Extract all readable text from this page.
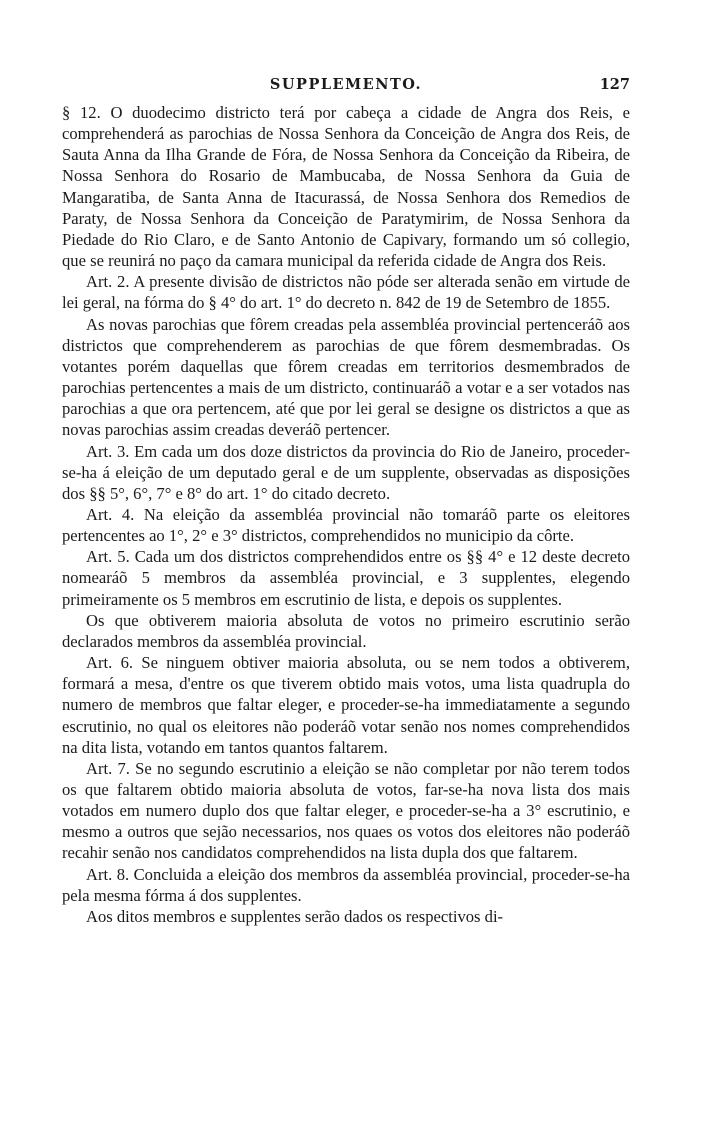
SUPPLEMENTO.	127

§ 12. O duodecimo districto terá por cabeça a cidade de Angra dos Reis, e comprehenderá as parochias de Nossa Senhora da Conceição de Angra dos Reis, de Sauta Anna da Ilha Grande de Fóra, de Nossa Senhora da Conceição da Ribeira, de Nossa Senhora do Rosario de Mambucaba, de Nossa Senhora da Guia de Mangaratiba, de Santa Anna de Itacurassá, de Nossa Senhora dos Remedios de Paraty, de Nossa Senhora da Conceição de Paratymirim, de Nossa Senhora da Piedade do Rio Claro, e de Santo Antonio de Capivary, formando um só collegio, que se reunirá no paço da camara municipal da referida cidade de Angra dos Reis.

Art. 2. A presente divisão de districtos não póde ser alterada senão em virtude de lei geral, na fórma do § 4° do art. 1° do decreto n. 842 de 19 de Setembro de 1855.

As novas parochias que fôrem creadas pela assembléa provincial pertenceráõ aos districtos que comprehenderem as parochias de que fôrem desmembradas. Os votantes porém daquellas que fôrem creadas em territorios desmembrados de parochias pertencentes a mais de um districto, continuaráõ a votar e a ser votados nas parochias a que ora pertencem, até que por lei geral se designe os districtos a que as novas parochias assim creadas deveráõ pertencer.

Art. 3. Em cada um dos doze districtos da provincia do Rio de Janeiro, proceder-se-ha á eleição de um deputado geral e de um supplente, observadas as disposições dos §§ 5°, 6°, 7° e 8° do art. 1° do citado decreto.

Art. 4. Na eleição da assembléa provincial não tomaráõ parte os eleitores pertencentes ao 1°, 2° e 3° districtos, comprehendidos no municipio da côrte.

Art. 5. Cada um dos districtos comprehendidos entre os §§ 4° e 12 deste decreto nomearáõ 5 membros da assembléa provincial, e 3 supplentes, elegendo primeiramente os 5 membros em escrutinio de lista, e depois os supplentes.

Os que obtiverem maioria absoluta de votos no primeiro escrutinio serão declarados membros da assembléa provincial.

Art. 6. Se ninguem obtiver maioria absoluta, ou se nem todos a obtiverem, formará a mesa, d'entre os que tiverem obtido mais votos, uma lista quadrupla do numero de membros que faltar eleger, e proceder-se-ha immediatamente a segundo escrutinio, no qual os eleitores não poderáõ votar senão nos nomes comprehendidos na dita lista, votando em tantos quantos faltarem.

Art. 7. Se no segundo escrutinio a eleição se não completar por não terem todos os que faltarem obtido maioria absoluta de votos, far-se-ha nova lista dos mais votados em numero duplo dos que faltar eleger, e proceder-se-ha a 3° escrutinio, e mesmo a outros que sejão necessarios, nos quaes os votos dos eleitores não poderáõ recahir senão nos candidatos comprehendidos na lista dupla dos que faltarem.

Art. 8. Concluida a eleição dos membros da assembléa provincial, proceder-se-ha pela mesma fórma á dos supplentes.

Aos ditos membros e supplentes serão dados os respectivos di-
